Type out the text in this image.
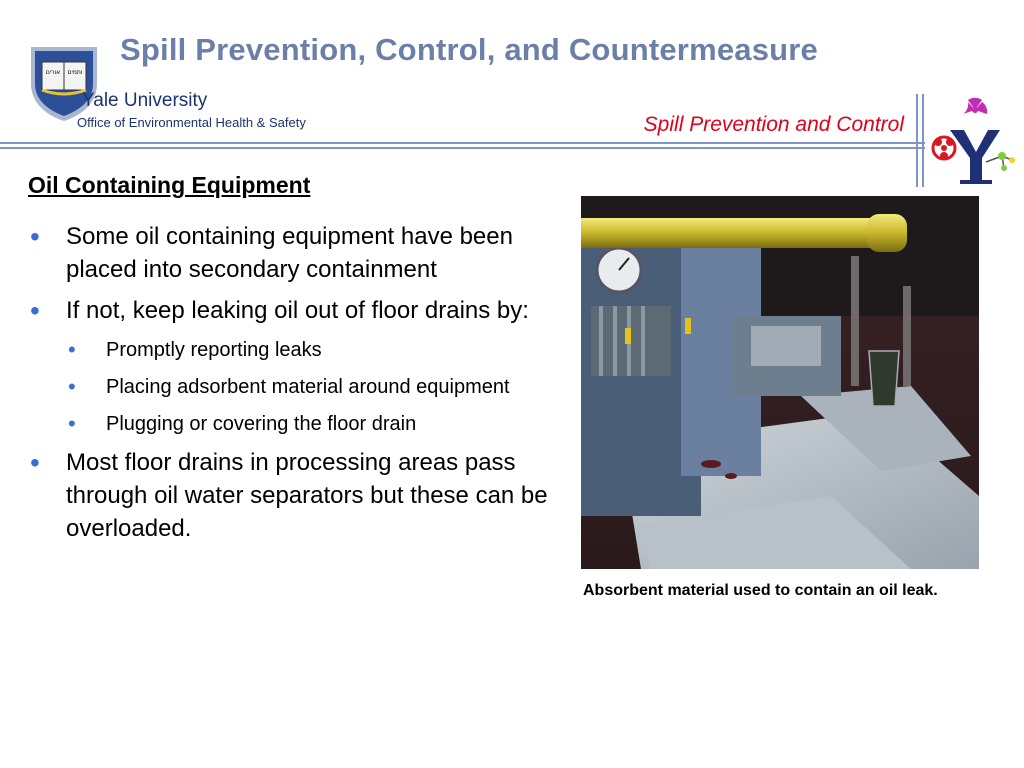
Spill Prevention, Control, and Countermeasure
אורים ותמים
Yale University
Office of Environmental Health & Safety	Spill Prevention and Control
Oil Containing Equipment
• Some oil containing equipment have been placed into secondary containment
• If not, keep leaking oil out of floor drains by:
• Promptly reporting leaks
• Placing adsorbent material around equipment
• Plugging or covering the floor drain
• Most floor drains in processing areas pass through oil water separators but these can be overloaded.
Absorbent material used to contain an oil leak.
